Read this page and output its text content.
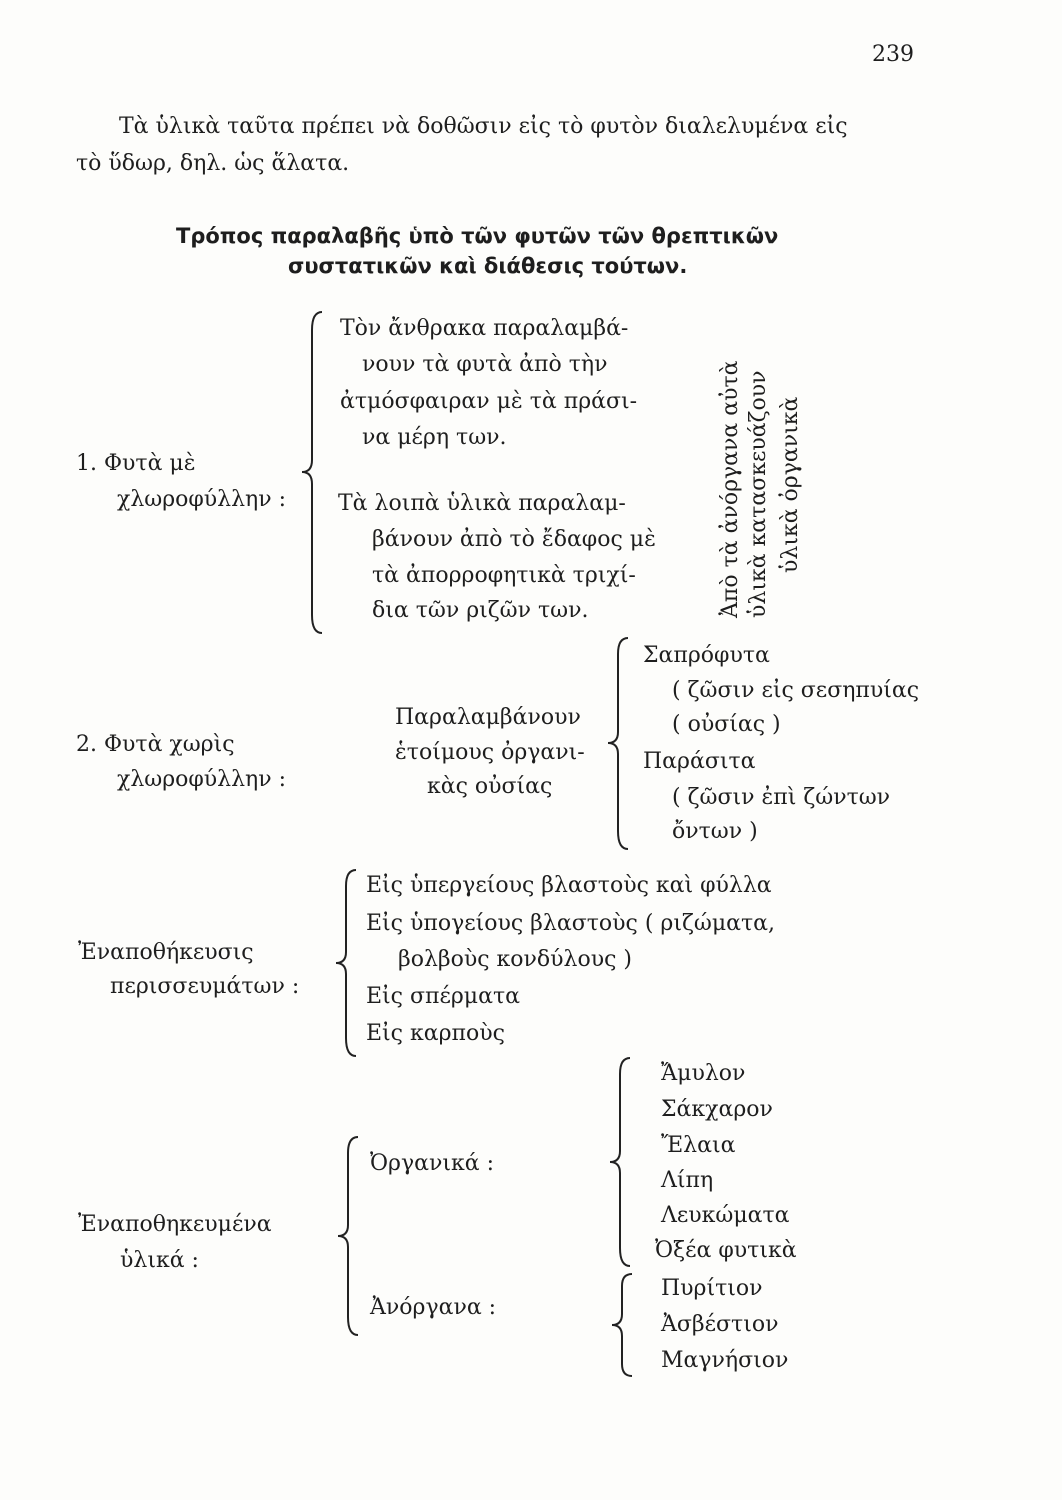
239
Τὰ ὑλικὰ ταῦτα πρέπει νὰ δοθῶσιν εἰς τὸ φυτὸν διαλελυμένα εἰς
τὸ ὕδωρ, δηλ. ὡς ἅλατα.
Τρόπος παραλαβῆς ὑπὸ τῶν φυτῶν τῶν θρεπτικῶν
συστατικῶν καὶ διάθεσις τούτων.
1. Φυτὰ μὲ
χλωροφύλλην :
Τὸν ἄνθρακα παραλαμβά-
νουν τὰ φυτὰ ἀπὸ τὴν
ἀτμόσφαιραν μὲ τὰ πράσι-
να μέρη των.
Τὰ λοιπὰ ὑλικὰ παραλαμ-
βάνουν ἀπὸ τὸ ἔδαφος μὲ
τὰ ἀπορροφητικὰ τριχί-
δια τῶν ριζῶν των.	Ἀπὸ τὰ ἀνόργανα αὐτὰ ὑλικὰ κατασκευάζουν ὑλικὰ ὀργανικὰ
2. Φυτὰ χωρὶς
χλωροφύλλην :
Παραλαμβάνουν
ἑτοίμους ὀργανι-
κὰς οὐσίας
Σαπρόφυτα
( ζῶσιν εἰς σεσηπυίας
( οὐσίας )
Παράσιτα
( ζῶσιν ἐπὶ ζώντων
ὄντων )
Ἐναποθήκευσις
περισσευμάτων :
Εἰς ὑπεργείους βλαστοὺς καὶ φύλλα
Εἰς ὑπογείους βλαστοὺς ( ριζώματα,
βολβοὺς κονδύλους )
Εἰς σπέρματα
Εἰς καρποὺς
Ἐναποθηκευμένα
ὑλικά :
Ὀργανικά :
Ἀνόργανα :
Ἄμυλον
Σάκχαρον
Ἔλαια
Λίπη
Λευκώματα
Ὀξέα φυτικὰ
Πυρίτιον
Ἀσβέστιον
Μαγνήσιον
